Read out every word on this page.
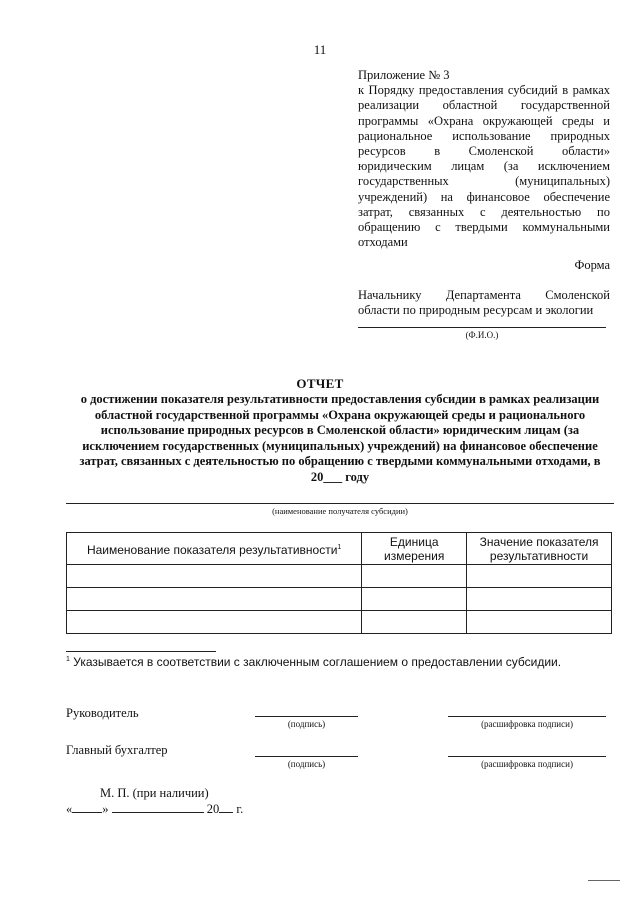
11
Приложение № 3
к Порядку предоставления субсидий в рамках реализации областной государственной программы «Охрана окружающей среды и рациональное использование природных ресурсов в Смоленской области» юридическим лицам (за исключением государственных (муниципальных) учреждений) на финансовое обеспечение затрат, связанных с деятельностью по обращению с твердыми коммунальными отходами
Форма
Начальнику Департамента Смоленской области по природным ресурсам и экологии
(Ф.И.О.)
ОТЧЕТ
о достижении показателя результативности предоставления субсидии в рамках реализации областной государственной программы «Охрана окружающей среды и рационального использование природных ресурсов в Смоленской области» юридическим лицам (за исключением государственных (муниципальных) учреждений) на финансовое обеспечение затрат, связанных с деятельностью по обращению с твердыми коммунальными отходами, в 20___ году
(наименование получателя субсидии)
Наименование показателя результативности$^1$	Единица измерения	Значение показателя результативности

$^1$ Указывается в соответствии с заключенным соглашением о предоставлении субсидии.
Руководитель
(подпись)	(расшифровка подписи)
Главный бухгалтер
(подпись)	(расшифровка подписи)
М. П. (при наличии)
« »	20 г.
